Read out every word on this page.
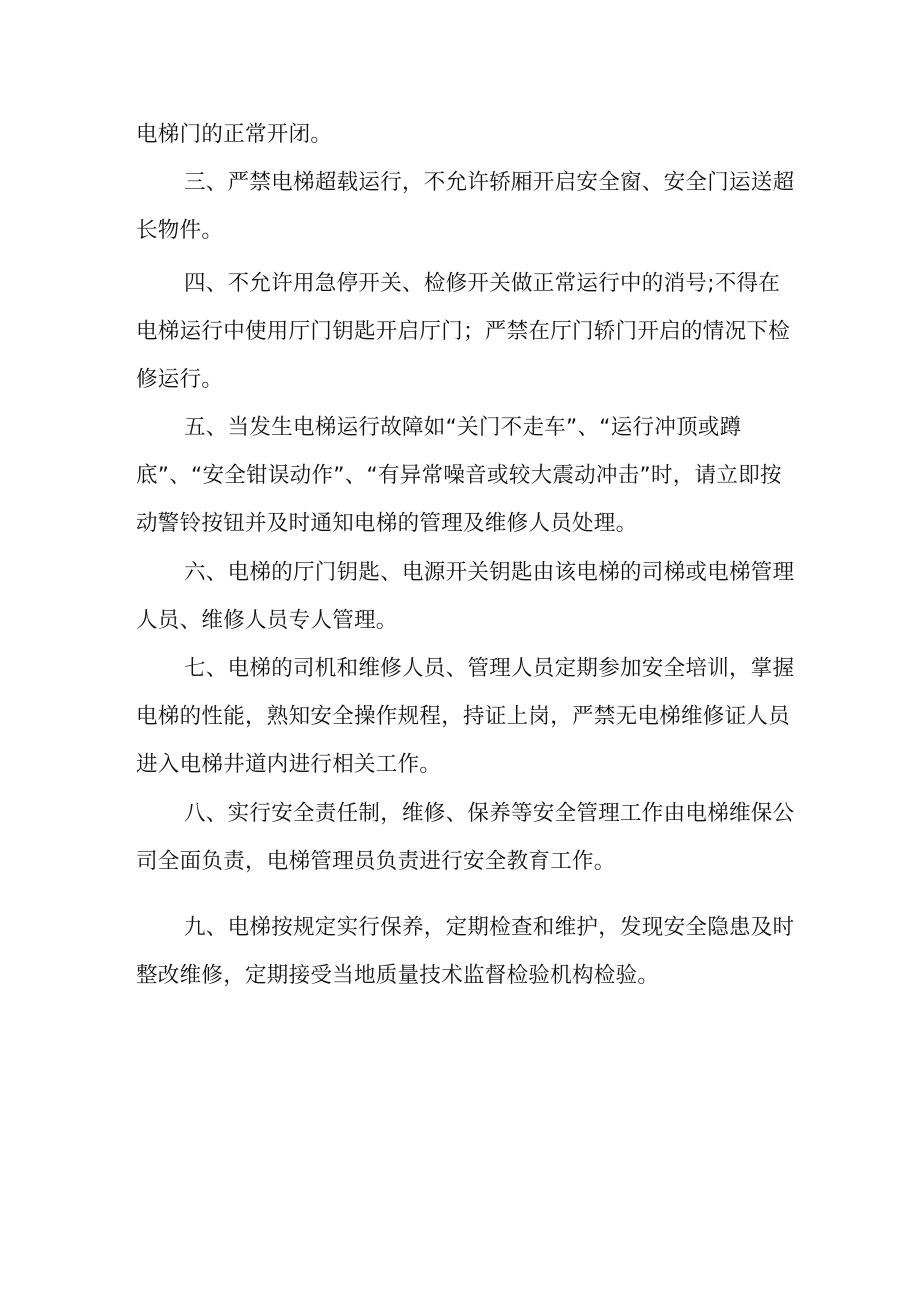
电梯门的正常开闭。

三、严禁电梯超载运行，不允许轿厢开启安全窗、安全门运送超长物件。

四、不允许用急停开关、检修开关做正常运行中的消号;不得在电梯运行中使用厅门钥匙开启厅门；严禁在厅门轿门开启的情况下检修运行。

五、当发生电梯运行故障如“关门不走车”、“运行冲顶或蹲底”、“安全钳误动作”、“有异常噪音或较大震动冲击”时，请立即按动警铃按钮并及时通知电梯的管理及维修人员处理。

六、电梯的厅门钥匙、电源开关钥匙由该电梯的司梯或电梯管理人员、维修人员专人管理。

七、电梯的司机和维修人员、管理人员定期参加安全培训，掌握电梯的性能，熟知安全操作规程，持证上岗，严禁无电梯维修证人员进入电梯井道内进行相关工作。

八、实行安全责任制，维修、保养等安全管理工作由电梯维保公司全面负责，电梯管理员负责进行安全教育工作。

九、电梯按规定实行保养，定期检查和维护，发现安全隐患及时整改维修，定期接受当地质量技术监督检验机构检验。
